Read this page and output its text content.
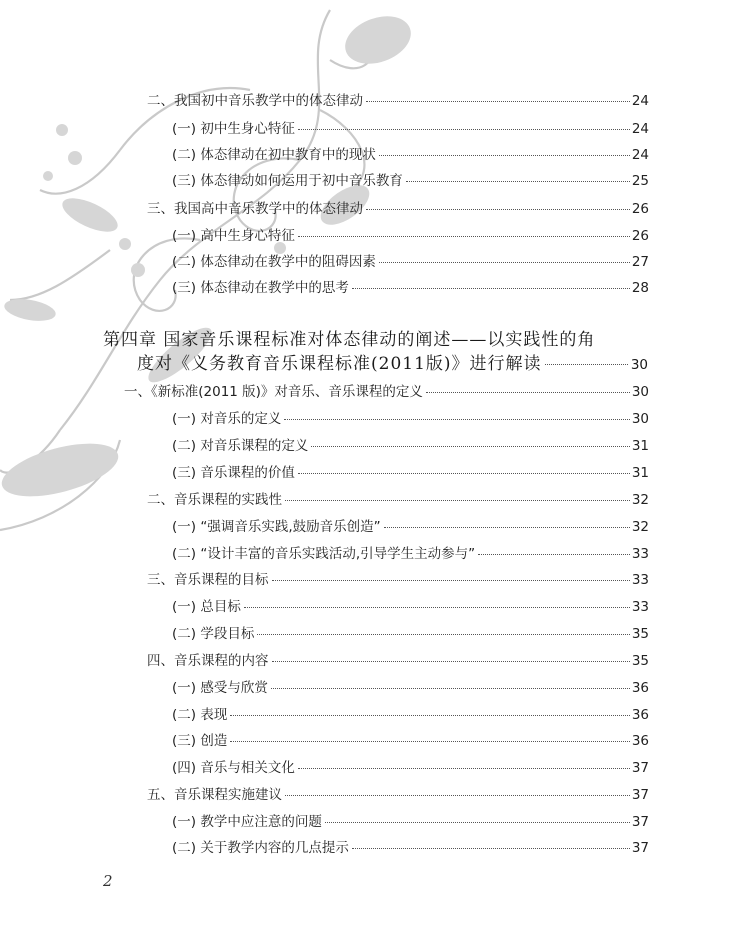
二、我国初中音乐教学中的体态律动	24
(一) 初中生身心特征	24
(二) 体态律动在初中教育中的现状	24
(三) 体态律动如何运用于初中音乐教育	25
三、我国高中音乐教学中的体态律动	26
(一) 高中生身心特征	26
(二) 体态律动在教学中的阻碍因素	27
(三) 体态律动在教学中的思考	28
第四章 国家音乐课程标准对体态律动的阐述——以实践性的角
度对《义务教育音乐课程标准(2011版)》进行解读	30
一、《新标准(2011 版)》对音乐、音乐课程的定义	30
(一) 对音乐的定义	30
(二) 对音乐课程的定义	31
(三) 音乐课程的价值	31
二、音乐课程的实践性	32
(一) “强调音乐实践,鼓励音乐创造”	32
(二) “设计丰富的音乐实践活动,引导学生主动参与”	33
三、音乐课程的目标	33
(一) 总目标	33
(二) 学段目标	35
四、音乐课程的内容	35
(一) 感受与欣赏	36
(二) 表现	36
(三) 创造	36
(四) 音乐与相关文化	37
五、音乐课程实施建议	37
(一) 教学中应注意的问题	37
(二) 关于教学内容的几点提示	37
2
